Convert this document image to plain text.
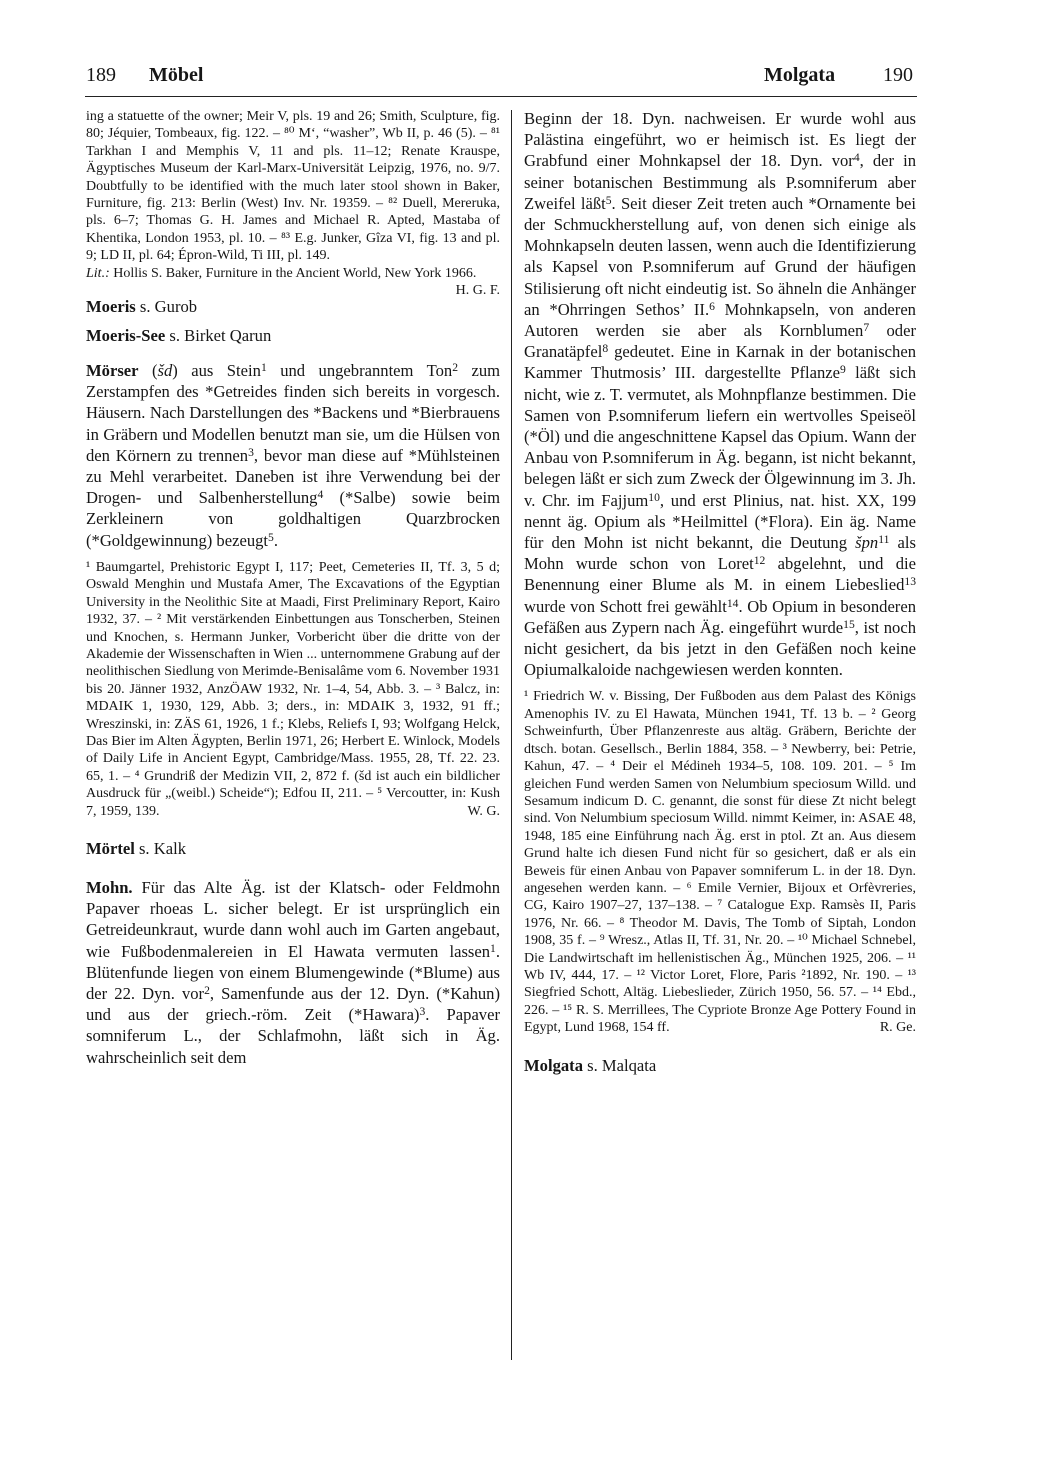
189 Möbel	Molgata 190

ing a statuette of the owner; Meir V, pls. 19 and 26; Smith, Sculpture, fig. 80; Jéquier, Tombeaux, fig. 122. – ⁸⁰ M‘, “washer”, Wb II, p. 46 (5). – ⁸¹ Tarkhan I and Memphis V, 11 and pls. 11–12; Renate Krauspe, Ägyptisches Museum der Karl-Marx-Universität Leipzig, 1976, no. 9/7. Doubtfully to be identified with the much later stool shown in Baker, Furniture, fig. 213: Berlin (West) Inv. Nr. 19359. – ⁸² Duell, Mereruka, pls. 6–7; Thomas G. H. James and Michael R. Apted, Mastaba of Khentika, London 1953, pl. 10. – ⁸³ E.g. Junker, Gîza VI, fig. 13 and pl. 9; LD II, pl. 64; Épron-Wild, Ti III, pl. 149.

Lit.: Hollis S. Baker, Furniture in the Ancient World, New York 1966.
H. G. F.

Moeris s. Gurob

Moeris-See s. Birket Qarun

Mörser (šd) aus Stein$^1$ und ungebranntem Ton$^2$ zum Zerstampfen des *Getreides finden sich bereits in vorgesch. Häusern. Nach Darstellungen des *Backens und *Bierbrauens in Gräbern und Modellen benutzt man sie, um die Hülsen von den Körnern zu trennen$^3$, bevor man diese auf *Mühlsteinen zu Mehl verarbeitet. Daneben ist ihre Verwendung bei der Drogen- und Salbenherstellung$^4$ (*Salbe) sowie beim Zerkleinern von goldhaltigen Quarzbrocken (*Goldgewinnung) bezeugt$^5$.

¹ Baumgartel, Prehistoric Egypt I, 117; Peet, Cemeteries II, Tf. 3, 5 d; Oswald Menghin und Mustafa Amer, The Excavations of the Egyptian University in the Neolithic Site at Maadi, First Preliminary Report, Kairo 1932, 37. – ² Mit verstärkenden Einbettungen aus Tonscherben, Steinen und Knochen, s. Hermann Junker, Vorbericht über die dritte von der Akademie der Wissenschaften in Wien ... unternommene Grabung auf der neolithischen Siedlung von Merimde-Benisalâme vom 6. November 1931 bis 20. Jänner 1932, AnzÖAW 1932, Nr. 1–4, 54, Abb. 3. – ³ Balcz, in: MDAIK 1, 1930, 129, Abb. 3; ders., in: MDAIK 3, 1932, 91 ff.; Wreszinski, in: ZÄS 61, 1926, 1 f.; Klebs, Reliefs I, 93; Wolfgang Helck, Das Bier im Alten Ägypten, Berlin 1971, 26; Herbert E. Winlock, Models of Daily Life in Ancient Egypt, Cambridge/Mass. 1955, 28, Tf. 22. 23. 65, 1. – ⁴ Grundriß der Medizin VII, 2, 872 f. (šd ist auch ein bildlicher Ausdruck für „(weibl.) Scheide“); Edfou II, 211. – ⁵ Vercoutter, in: Kush 7, 1959, 139.	W. G.

Mörtel s. Kalk

Mohn. Für das Alte Äg. ist der Klatsch- oder Feldmohn Papaver rhoeas L. sicher belegt. Er ist ursprünglich ein Getreideunkraut, wurde dann wohl auch im Garten angebaut, wie Fußbodenmalereien in El Hawata vermuten lassen$^1$. Blütenfunde liegen von einem Blumengewinde (*Blume) aus der 22. Dyn. vor$^2$, Samenfunde aus der 12. Dyn. (*Kahun) und aus der griech.-röm. Zeit (*Hawara)$^3$. Papaver somniferum L., der Schlafmohn, läßt sich in Äg. wahrscheinlich seit dem

Beginn der 18. Dyn. nachweisen. Er wurde wohl aus Palästina eingeführt, wo er heimisch ist. Es liegt der Grabfund einer Mohnkapsel der 18. Dyn. vor$^4$, der in seiner botanischen Bestimmung als P.somniferum aber Zweifel läßt$^5$. Seit dieser Zeit treten auch *Ornamente bei der Schmuckherstellung auf, von denen sich einige als Mohnkapseln deuten lassen, wenn auch die Identifizierung als Kapsel von P.somniferum auf Grund der häufigen Stilisierung oft nicht eindeutig ist. So ähneln die Anhänger an *Ohrringen Sethos’ II.$^6$ Mohnkapseln, von anderen Autoren werden sie aber als Kornblumen$^7$ oder Granatäpfel$^8$ gedeutet. Eine in Karnak in der botanischen Kammer Thutmosis’ III. dargestellte Pflanze$^9$ läßt sich nicht, wie z. T. vermutet, als Mohnpflanze bestimmen. Die Samen von P.somniferum liefern ein wertvolles Speiseöl (*Öl) und die angeschnittene Kapsel das Opium. Wann der Anbau von P.somniferum in Äg. begann, ist nicht bekannt, belegen läßt er sich zum Zweck der Ölgewinnung im 3. Jh. v. Chr. im Fajjum$^{10}$, und erst Plinius, nat. hist. XX, 199 nennt äg. Opium als *Heilmittel (*Flora). Ein äg. Name für den Mohn ist nicht bekannt, die Deutung špn$^{11}$ als Mohn wurde schon von Loret$^{12}$ abgelehnt, und die Benennung einer Blume als M. in einem Liebeslied$^{13}$ wurde von Schott frei gewählt$^{14}$. Ob Opium in besonderen Gefäßen aus Zypern nach Äg. eingeführt wurde$^{15}$, ist noch nicht gesichert, da bis jetzt in den Gefäßen noch keine Opiumalkaloide nachgewiesen werden konnten.

¹ Friedrich W. v. Bissing, Der Fußboden aus dem Palast des Königs Amenophis IV. zu El Hawata, München 1941, Tf. 13 b. – ² Georg Schweinfurth, Über Pflanzenreste aus altäg. Gräbern, Berichte der dtsch. botan. Gesellsch., Berlin 1884, 358. – ³ Newberry, bei: Petrie, Kahun, 47. – ⁴ Deir el Médineh 1934–5, 108. 109. 201. – ⁵ Im gleichen Fund werden Samen von Nelumbium speciosum Willd. und Sesamum indicum D. C. genannt, die sonst für diese Zt nicht belegt sind. Von Nelumbium speciosum Willd. nimmt Keimer, in: ASAE 48, 1948, 185 eine Einführung nach Äg. erst in ptol. Zt an. Aus diesem Grund halte ich diesen Fund nicht für so gesichert, daß er als ein Beweis für einen Anbau von Papaver somniferum L. in der 18. Dyn. angesehen werden kann. – ⁶ Emile Vernier, Bijoux et Orfèvreries, CG, Kairo 1907–27, 137–138. – ⁷ Catalogue Exp. Ramsès II, Paris 1976, Nr. 66. – ⁸ Theodor M. Davis, The Tomb of Siptah, London 1908, 35 f. – ⁹ Wresz., Atlas II, Tf. 31, Nr. 20. – ¹⁰ Michael Schnebel, Die Landwirtschaft im hellenistischen Äg., München 1925, 206. – ¹¹ Wb IV, 444, 17. – ¹² Victor Loret, Flore, Paris ²1892, Nr. 190. – ¹³ Siegfried Schott, Altäg. Liebeslieder, Zürich 1950, 56. 57. – ¹⁴ Ebd., 226. – ¹⁵ R. S. Merrillees, The Cypriote Bronze Age Pottery Found in Egypt, Lund 1968, 154 ff.	R. Ge.

Molgata s. Malqata
